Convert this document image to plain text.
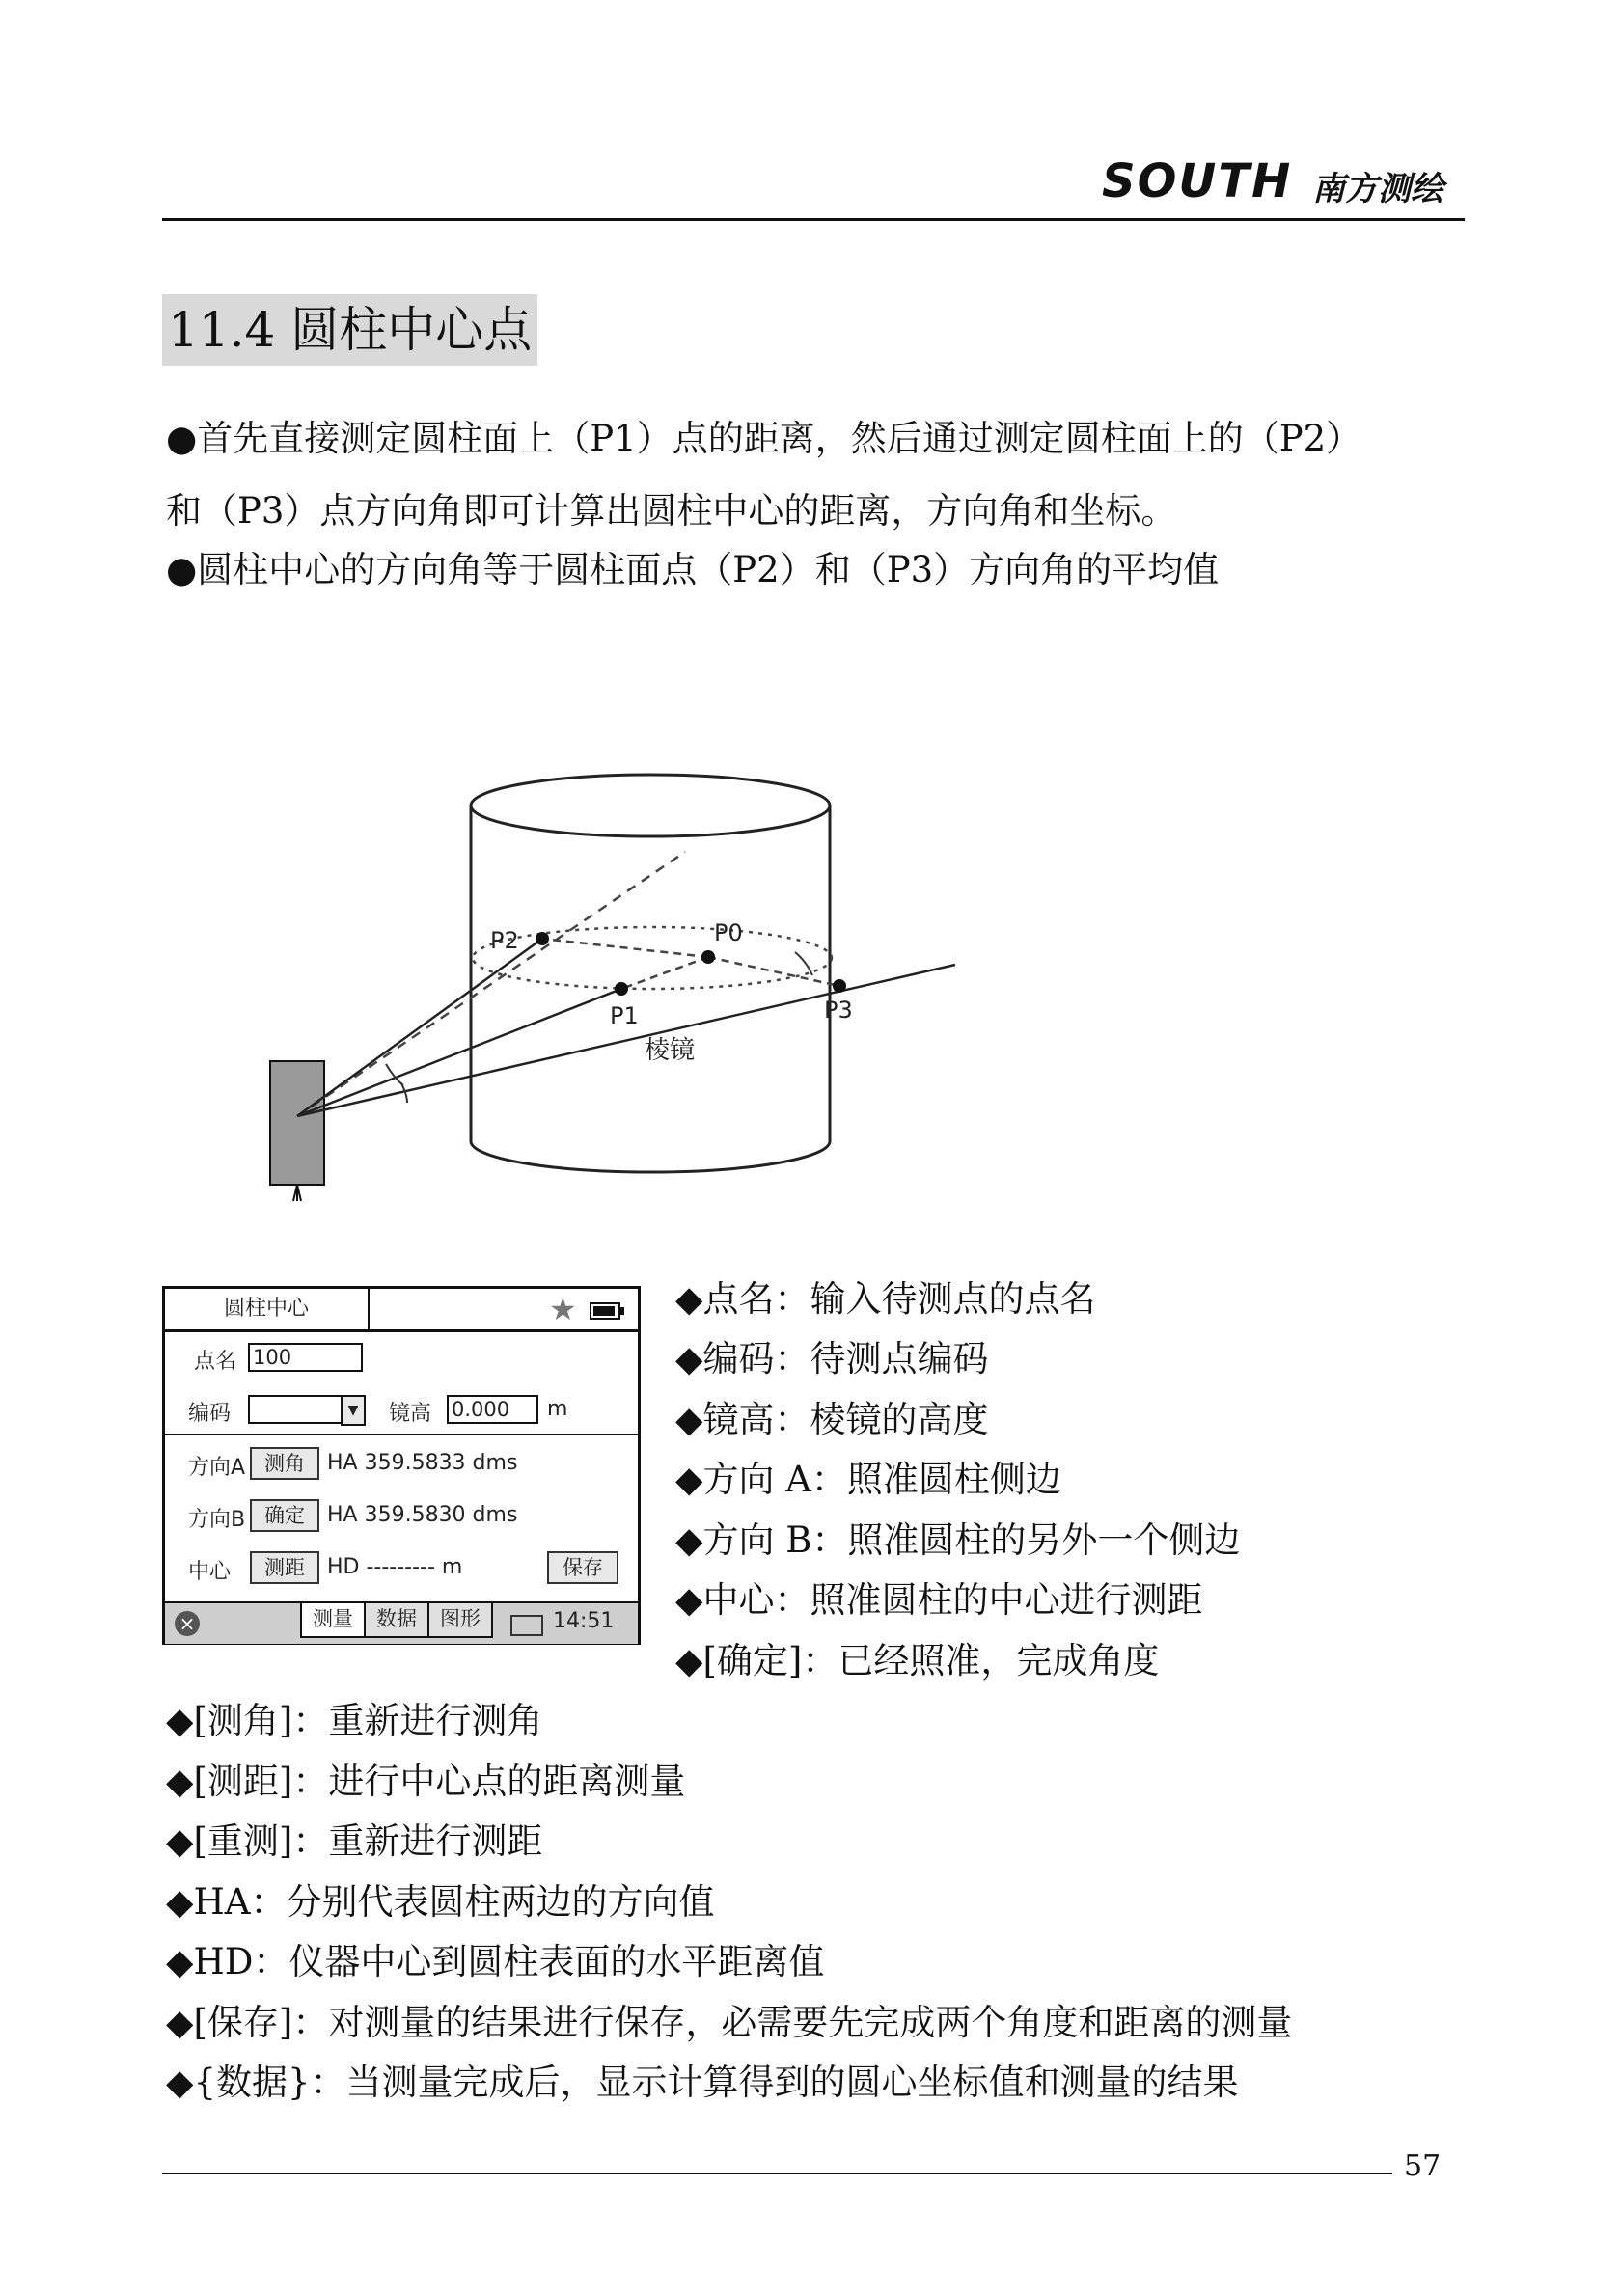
SOUTH 南方测绘
11.4 圆柱中心点
●首先直接测定圆柱面上（P1）点的距离，然后通过测定圆柱面上的（P2）
和（P3）点方向角即可计算出圆柱中心的距离，方向角和坐标。
●圆柱中心的方向角等于圆柱面点（P2）和（P3）方向角的平均值
P2	P0
P1	P3
棱镜
圆柱中心	★
点名 100
编码	▼	镜高 0.000	m
方向A 测角	HA 359.5833 dms
方向B 确定	HA 359.5830 dms
中心	测距	HD --------- m	保存
×	测量	数据	图形	14:51
◆点名：输入待测点的点名
◆编码：待测点编码
◆镜高：棱镜的高度
◆方向 A：照准圆柱侧边
◆方向 B：照准圆柱的另外一个侧边
◆中心：照准圆柱的中心进行测距
◆[确定]：已经照准，完成角度
◆[测角]：重新进行测角
◆[测距]：进行中心点的距离测量
◆[重测]：重新进行测距
◆HA：分别代表圆柱两边的方向值
◆HD：仪器中心到圆柱表面的水平距离值
◆[保存]：对测量的结果进行保存，必需要先完成两个角度和距离的测量
◆{数据}：当测量完成后，显示计算得到的圆心坐标值和测量的结果
57
